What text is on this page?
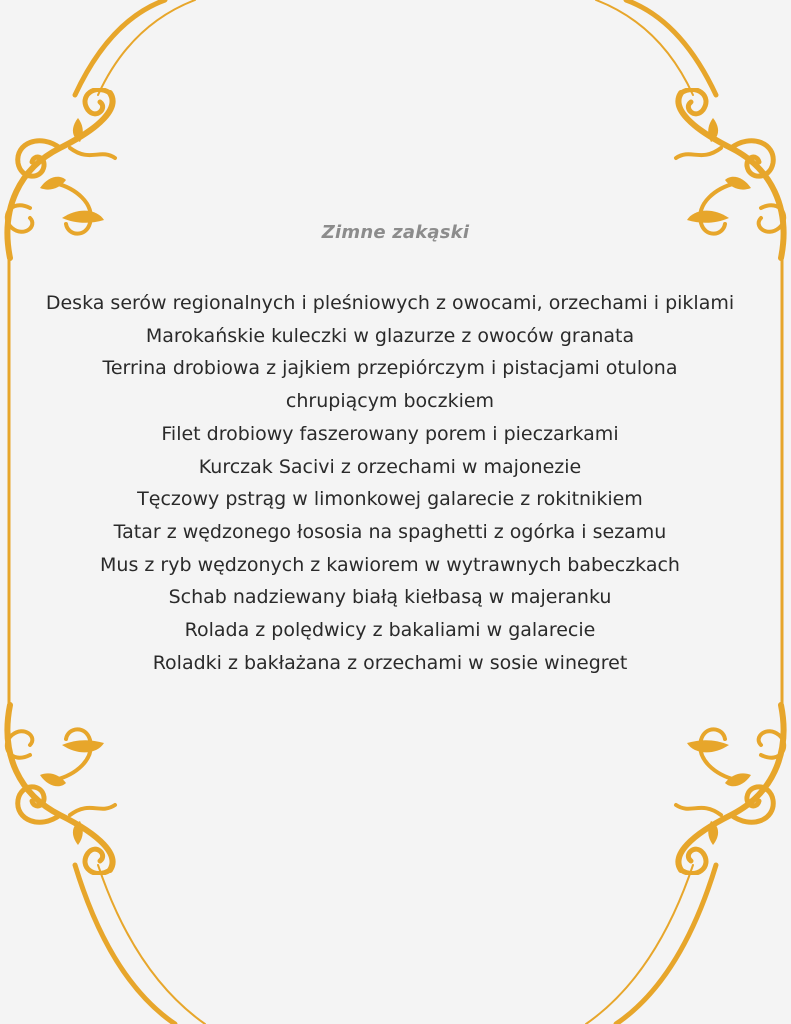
Zimne zakąski
Deska serów regionalnych i pleśniowych z owocami, orzechami i piklami
Marokańskie kuleczki w glazurze z owoców granata
Terrina drobiowa z jajkiem przepiórczym i pistacjami otulona chrupiącym boczkiem
Filet drobiowy faszerowany porem i pieczarkami
Kurczak Sacivi z orzechami w majonezie
Tęczowy pstrąg w limonkowej galarecie z rokitnikiem
Tatar z wędzonego łososia na spaghetti z ogórka i sezamu
Mus z ryb wędzonych z kawiorem w wytrawnych babeczkach
Schab nadziewany białą kiełbasą w majeranku
Rolada z polędwicy z bakaliami w galarecie
Roladki z bakłażana z orzechami w sosie winegret
